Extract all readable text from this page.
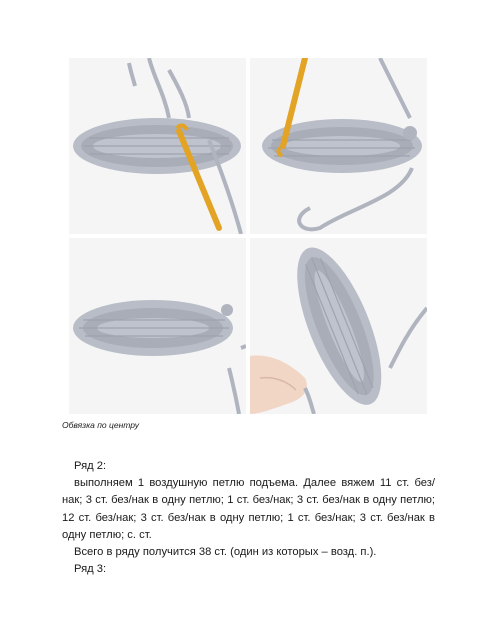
Обвязка по центру

Ряд 2:

выполняем 1 воздушную петлю подъема. Далее вяжем 11 ст. без/нак; 3 ст. без/нак в одну петлю; 1 ст. без/нак; 3 ст. без/нак в одну петлю; 12 ст. без/нак; 3 ст. без/нак в одну петлю; 1 ст. без/нак; 3 ст. без/нак в одну петлю; с. ст.

Всего в ряду получится 38 ст. (один из которых – возд. п.).

Ряд 3:
